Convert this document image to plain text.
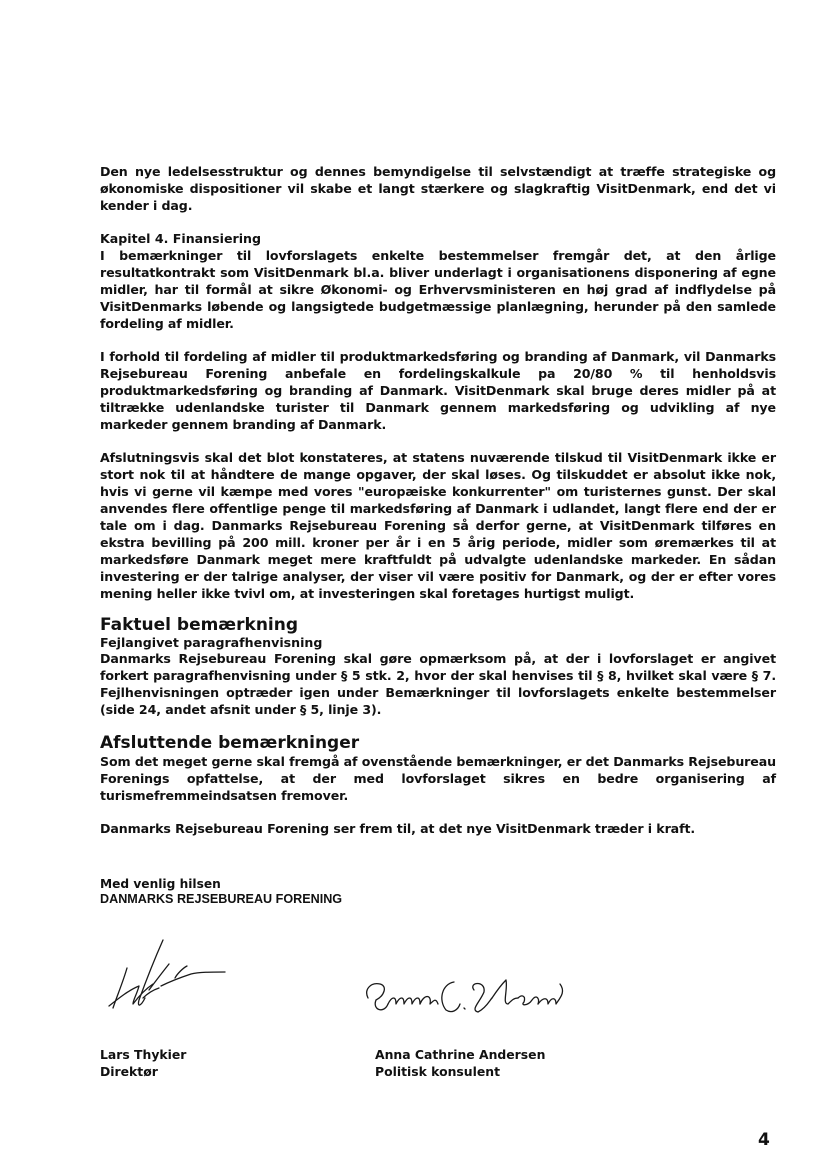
Den nye ledelsesstruktur og dennes bemyndigelse til selvstændigt at træffe strategiske og økonomiske dispositioner vil skabe et langt stærkere og slagkraftig VisitDenmark, end det vi kender i dag.

Kapitel 4. Finansiering

I bemærkninger til lovforslagets enkelte bestemmelser fremgår det, at den årlige resultatkontrakt som VisitDenmark bl.a. bliver underlagt i organisationens disponering af egne midler, har til formål at sikre Økonomi- og Erhvervsministeren en høj grad af indflydelse på VisitDenmarks løbende og langsigtede budgetmæssige planlægning, herunder på den samlede fordeling af midler.

I forhold til fordeling af midler til produktmarkedsføring og branding af Danmark, vil Danmarks Rejsebureau Forening anbefale en fordelingskalkule pa 20/80 % til henholdsvis produktmarkedsføring og branding af Danmark. VisitDenmark skal bruge deres midler på at tiltrække udenlandske turister til Danmark gennem markedsføring og udvikling af nye markeder gennem branding af Danmark.

Afslutningsvis skal det blot konstateres, at statens nuværende tilskud til VisitDenmark ikke er stort nok til at håndtere de mange opgaver, der skal løses. Og tilskuddet er absolut ikke nok, hvis vi gerne vil kæmpe med vores "europæiske konkurrenter" om turisternes gunst. Der skal anvendes flere offentlige penge til markedsføring af Danmark i udlandet, langt flere end der er tale om i dag. Danmarks Rejsebureau Forening så derfor gerne, at VisitDenmark tilføres en ekstra bevilling på 200 mill. kroner per år i en 5 årig periode, midler som øremærkes til at markedsføre Danmark meget mere kraftfuldt på udvalgte udenlandske markeder. En sådan investering er der talrige analyser, der viser vil være positiv for Danmark, og der er efter vores mening heller ikke tvivl om, at investeringen skal foretages hurtigst muligt.

Faktuel bemærkning

Fejlangivet paragrafhenvisning

Danmarks Rejsebureau Forening skal gøre opmærksom på, at der i lovforslaget er angivet forkert paragrafhenvisning under § 5 stk. 2, hvor der skal henvises til § 8, hvilket skal være § 7. Fejlhenvisningen optræder igen under Bemærkninger til lovforslagets enkelte bestemmelser (side 24, andet afsnit under § 5, linje 3).

Afsluttende bemærkninger

Som det meget gerne skal fremgå af ovenstående bemærkninger, er det Danmarks Rejsebureau Forenings opfattelse, at der med lovforslaget sikres en bedre organisering af turismefremmeindsatsen fremover.

Danmarks Rejsebureau Forening ser frem til, at det nye VisitDenmark træder i kraft.

Med venlig hilsen
DANMARKS REJSEBUREAU FORENING
Lars Thykier
Direktør
Anna Cathrine Andersen
Politisk konsulent
4
